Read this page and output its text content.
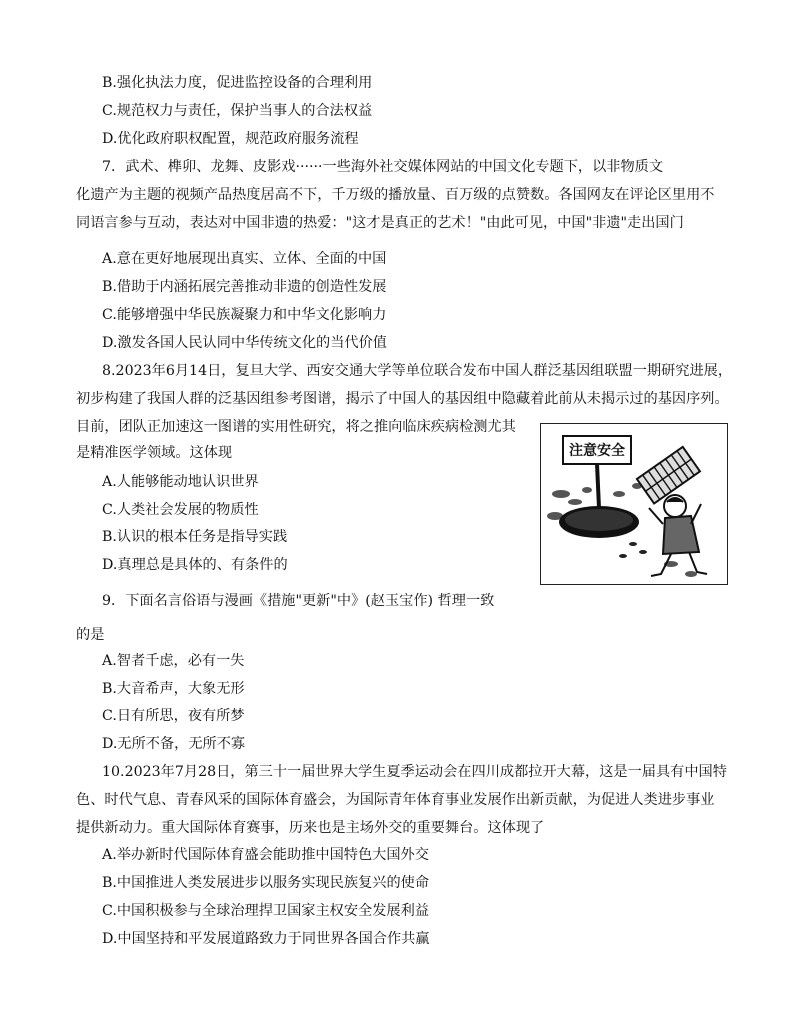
B.强化执法力度，促进监控设备的合理利用
C.规范权力与责任，保护当事人的合法权益
D.优化政府职权配置，规范政府服务流程
7．武术、榫卯、龙舞、皮影戏······一些海外社交媒体网站的中国文化专题下，以非物质文
化遗产为主题的视频产品热度居高不下，千万级的播放量、百万级的点赞数。各国网友在评论区里用不
同语言参与互动，表达对中国非遗的热爱："这才是真正的艺术！"由此可见，中国"非遗"走出国门
A.意在更好地展现出真实、立体、全面的中国
B.借助于内涵拓展完善推动非遗的创造性发展
C.能够增强中华民族凝聚力和中华文化影响力
D.激发各国人民认同中华传统文化的当代价值
8.2023年6月14日，复旦大学、西安交通大学等单位联合发布中国人群泛基因组联盟一期研究进展，
初步构建了我国人群的泛基因组参考图谱，揭示了中国人的基因组中隐藏着此前从未揭示过的基因序列。
目前，团队正加速这一图谱的实用性研究，将之推向临床疾病检测尤其
是精准医学领域。这体现
A.人能够能动地认识世界
C.人类社会发展的物质性
B.认识的根本任务是指导实践
D.真理总是具体的、有条件的
注意安全
9．下面名言俗语与漫画《措施"更新"中》(赵玉宝作) 哲理一致
的是
A.智者千虑，必有一失
B.大音希声，大象无形
C.日有所思，夜有所梦
D.无所不备，无所不寡
10.2023年7月28日，第三十一届世界大学生夏季运动会在四川成都拉开大幕，这是一届具有中国特
色、时代气息、青春风采的国际体育盛会，为国际青年体育事业发展作出新贡献，为促进人类进步事业
提供新动力。重大国际体育赛事，历来也是主场外交的重要舞台。这体现了
A.举办新时代国际体育盛会能助推中国特色大国外交
B.中国推进人类发展进步以服务实现民族复兴的使命
C.中国积极参与全球治理捍卫国家主权安全发展利益
D.中国坚持和平发展道路致力于同世界各国合作共赢
